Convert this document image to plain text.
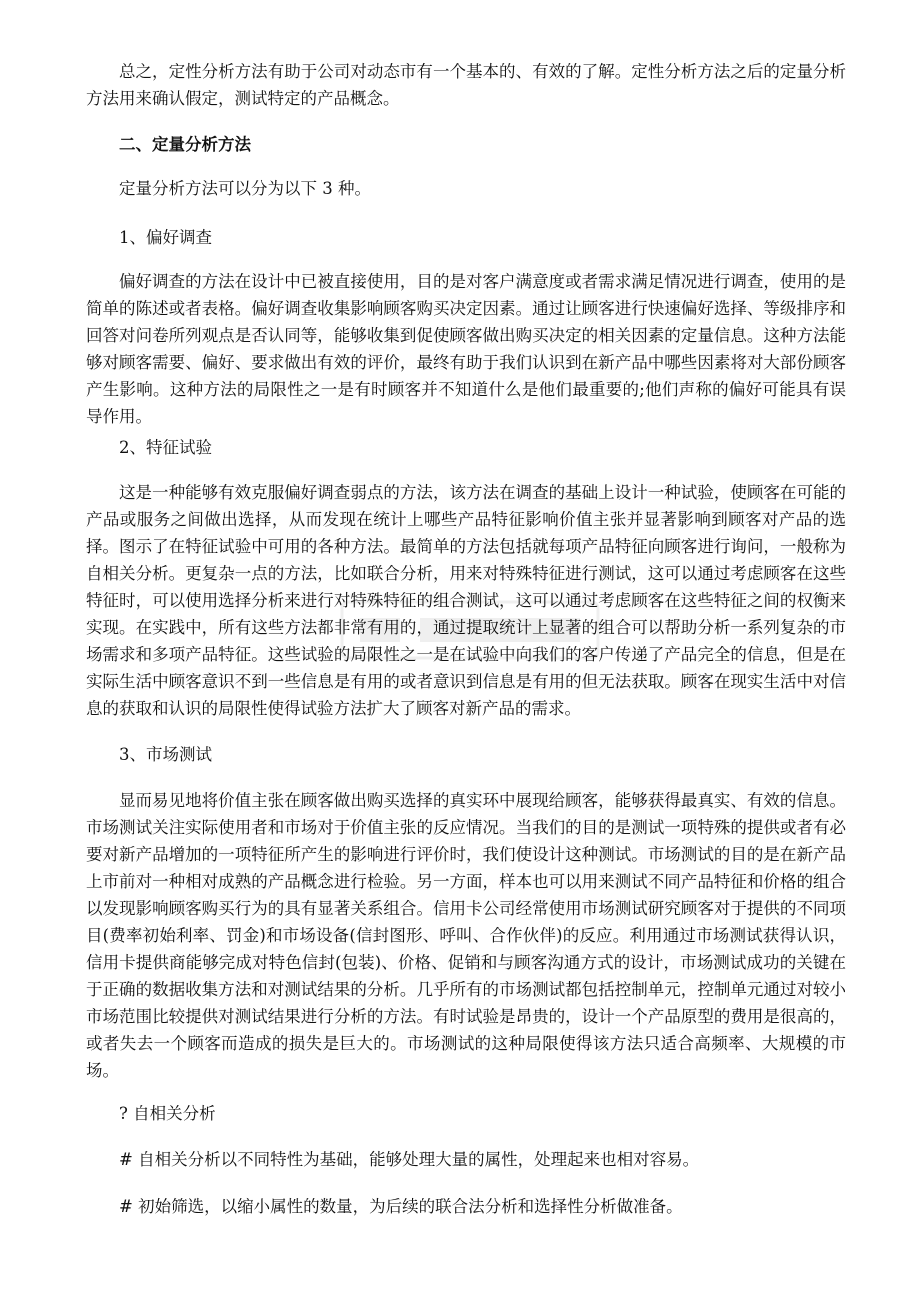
总之，定性分析方法有助于公司对动态市有一个基本的、有效的了解。定性分析方法之后的定量分析方法用来确认假定，测试特定的产品概念。

二、定量分析方法

定量分析方法可以分为以下 3 种。

1、偏好调查

偏好调查的方法在设计中已被直接使用，目的是对客户满意度或者需求满足情况进行调查，使用的是简单的陈述或者表格。偏好调查收集影响顾客购买决定因素。通过让顾客进行快速偏好选择、等级排序和回答对问卷所列观点是否认同等，能够收集到促使顾客做出购买决定的相关因素的定量信息。这种方法能够对顾客需要、偏好、要求做出有效的评价，最终有助于我们认识到在新产品中哪些因素将对大部份顾客产生影响。这种方法的局限性之一是有时顾客并不知道什么是他们最重要的;他们声称的偏好可能具有误导作用。

2、特征试验

这是一种能够有效克服偏好调查弱点的方法，该方法在调查的基础上设计一种试验，使顾客在可能的产品或服务之间做出选择，从而发现在统计上哪些产品特征影响价值主张并显著影响到顾客对产品的选择。图示了在特征试验中可用的各种方法。最简单的方法包括就每项产品特征向顾客进行询问，一般称为自相关分析。更复杂一点的方法，比如联合分析，用来对特殊特征进行测试，这可以通过考虑顾客在这些特征时，可以使用选择分析来进行对特殊特征的组合测试，这可以通过考虑顾客在这些特征之间的权衡来实现。在实践中，所有这些方法都非常有用的，通过提取统计上显著的组合可以帮助分析一系列复杂的市场需求和多项产品特征。这些试验的局限性之一是在试验中向我们的客户传递了产品完全的信息，但是在实际生活中顾客意识不到一些信息是有用的或者意识到信息是有用的但无法获取。顾客在现实生活中对信息的获取和认识的局限性使得试验方法扩大了顾客对新产品的需求。

3、市场测试

显而易见地将价值主张在顾客做出购买选择的真实环中展现给顾客，能够获得最真实、有效的信息。市场测试关注实际使用者和市场对于价值主张的反应情况。当我们的目的是测试一项特殊的提供或者有必要对新产品增加的一项特征所产生的影响进行评价时，我们使设计这种测试。市场测试的目的是在新产品上市前对一种相对成熟的产品概念进行检验。另一方面，样本也可以用来测试不同产品特征和价格的组合以发现影响顾客购买行为的具有显著关系组合。信用卡公司经常使用市场测试研究顾客对于提供的不同项目(费率初始利率、罚金)和市场设备(信封图形、呼叫、合作伙伴)的反应。利用通过市场测试获得认识，信用卡提供商能够完成对特色信封(包装)、价格、促销和与顾客沟通方式的设计，市场测试成功的关键在于正确的数据收集方法和对测试结果的分析。几乎所有的市场测试都包括控制单元，控制单元通过对较小市场范围比较提供对测试结果进行分析的方法。有时试验是昂贵的，设计一个产品原型的费用是很高的，或者失去一个顾客而造成的损失是巨大的。市场测试的这种局限使得该方法只适合高频率、大规模的市场。

? 自相关分析

# 自相关分析以不同特性为基础，能够处理大量的属性，处理起来也相对容易。

# 初始筛选，以缩小属性的数量，为后续的联合法分析和选择性分析做准备。
